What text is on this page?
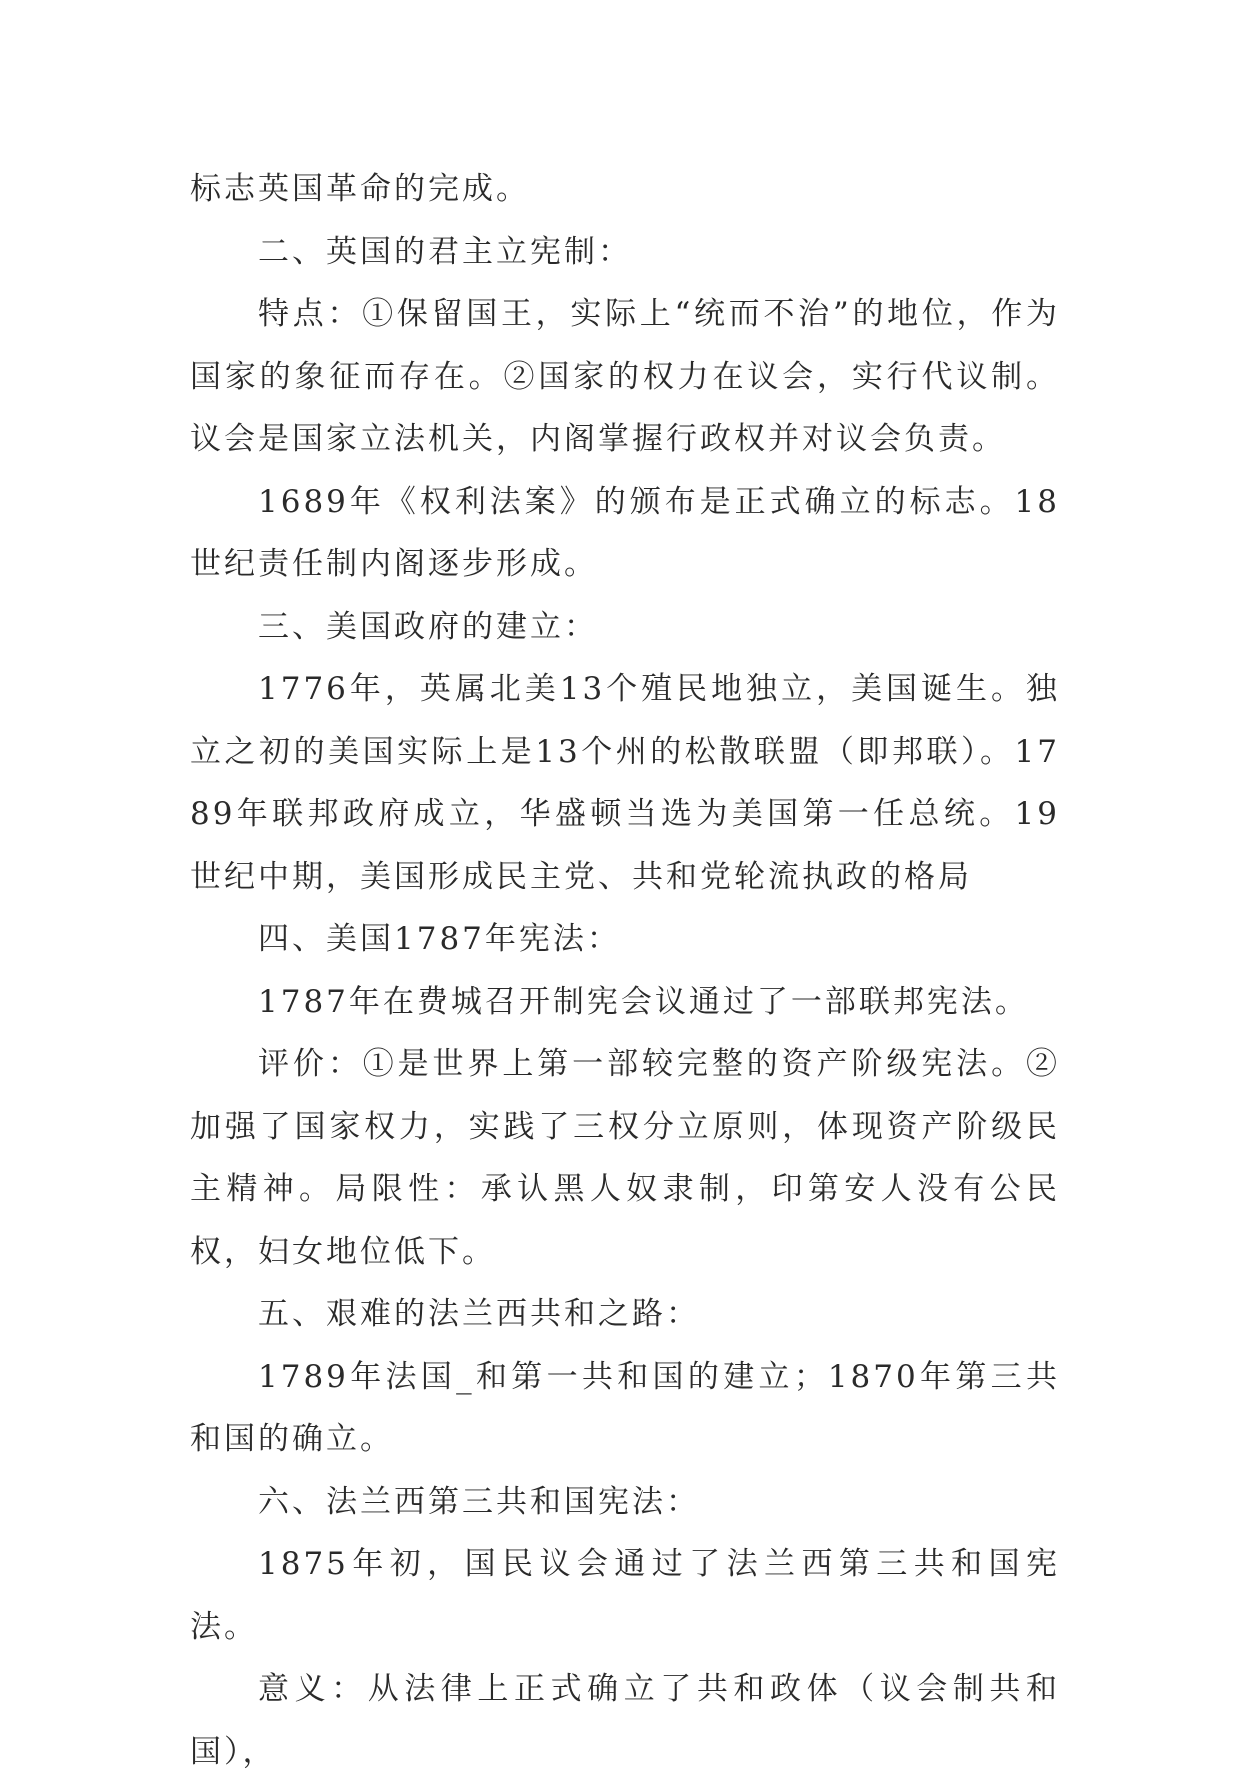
标志英国革命的完成。

二、英国的君主立宪制：

特点：①保留国王，实际上“统而不治”的地位，作为国家的象征而存在。②国家的权力在议会，实行代议制。议会是国家立法机关，内阁掌握行政权并对议会负责。

1689年《权利法案》的颁布是正式确立的标志。18世纪责任制内阁逐步形成。

三、美国政府的建立：

1776年，英属北美13个殖民地独立，美国诞生。独立之初的美国实际上是13个州的松散联盟（即邦联）。1789年联邦政府成立，华盛顿当选为美国第一任总统。19世纪中期，美国形成民主党、共和党轮流执政的格局

四、美国1787年宪法：

1787年在费城召开制宪会议通过了一部联邦宪法。

评价：①是世界上第一部较完整的资产阶级宪法。②加强了国家权力，实践了三权分立原则，体现资产阶级民主精神。局限性：承认黑人奴隶制，印第安人没有公民权，妇女地位低下。

五、艰难的法兰西共和之路：

1789年法国_和第一共和国的建立；1870年第三共和国的确立。

六、法兰西第三共和国宪法：

1875年初，国民议会通过了法兰西第三共和国宪法。

意义：从法律上正式确立了共和政体（议会制共和国），
